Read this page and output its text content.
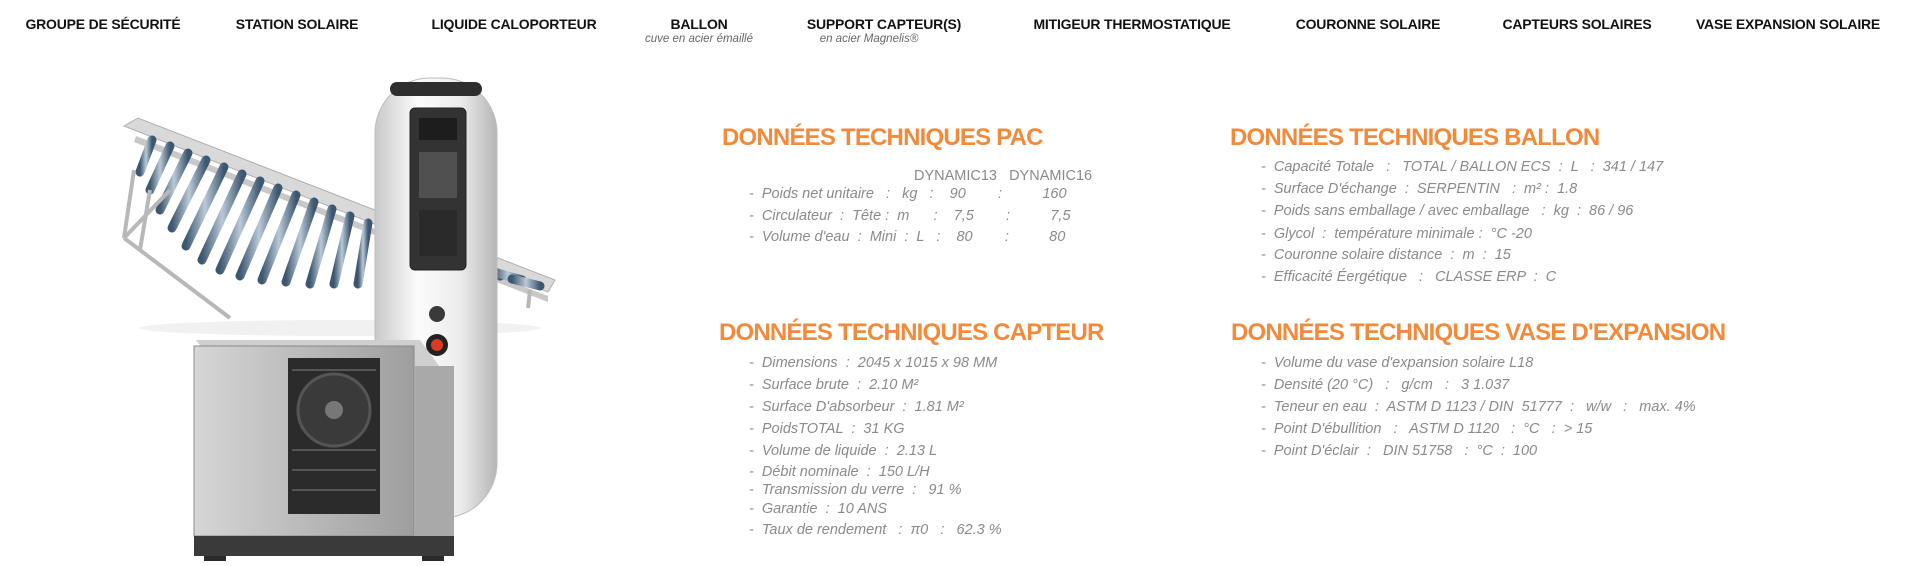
GROUPE DE SÉCURITÉ	STATION SOLAIRE	LIQUIDE CALOPORTEUR	BALLON
cuve en acier émaillé
SUPPORT CAPTEUR(S)
en acier Magnelis®
MITIGEUR THERMOSTATIQUE	COURONNE SOLAIRE	CAPTEURS SOLAIRES	VASE EXPANSION SOLAIRE
DONNÉES TECHNIQUES PAC
DYNAMIC13   DYNAMIC16
-  Poids net unitaire   :   kg   :    90        :          160
-  Circulateur  :  Tête :  m      :    7,5        :          7,5
-  Volume d'eau  :  Mini  :  L   :    80        :          80
DONNÉES TECHNIQUES BALLON
-  Capacité Totale   :   TOTAL / BALLON ECS  :  L   :  341 / 147
-  Surface D'échange  :  SERPENTIN   :  m² :  1.8
-  Poids sans emballage / avec emballage   :  kg  :  86 / 96
-  Glycol  :  température minimale :  °C -20
-  Couronne solaire distance  :  m  :  15
-  Efficacité Éergétique   :   CLASSE ERP  :  C
DONNÉES TECHNIQUES CAPTEUR
-  Dimensions  :  2045 x 1015 x 98 MM
-  Surface brute  :  2.10 M²
-  Surface D'absorbeur  :  1.81 M²
-  PoidsTOTAL  :  31 KG
-  Volume de liquide  :  2.13 L
-  Débit nominale  :  150 L/H
-  Transmission du verre  :   91 %
-  Garantie  :  10 ANS
-  Taux de rendement   :  π0   :   62.3 %
DONNÉES TECHNIQUES VASE D'EXPANSION
-  Volume du vase d'expansion solaire L18
-  Densité (20 °C)   :   g/cm   :   3 1.037
-  Teneur en eau  :  ASTM D 1123 / DIN  51777  :   w/w   :   max. 4%
-  Point D'ébullition   :   ASTM D 1120   :  °C   :  > 15
-  Point D'éclair  :   DIN 51758   :  °C  :  100
